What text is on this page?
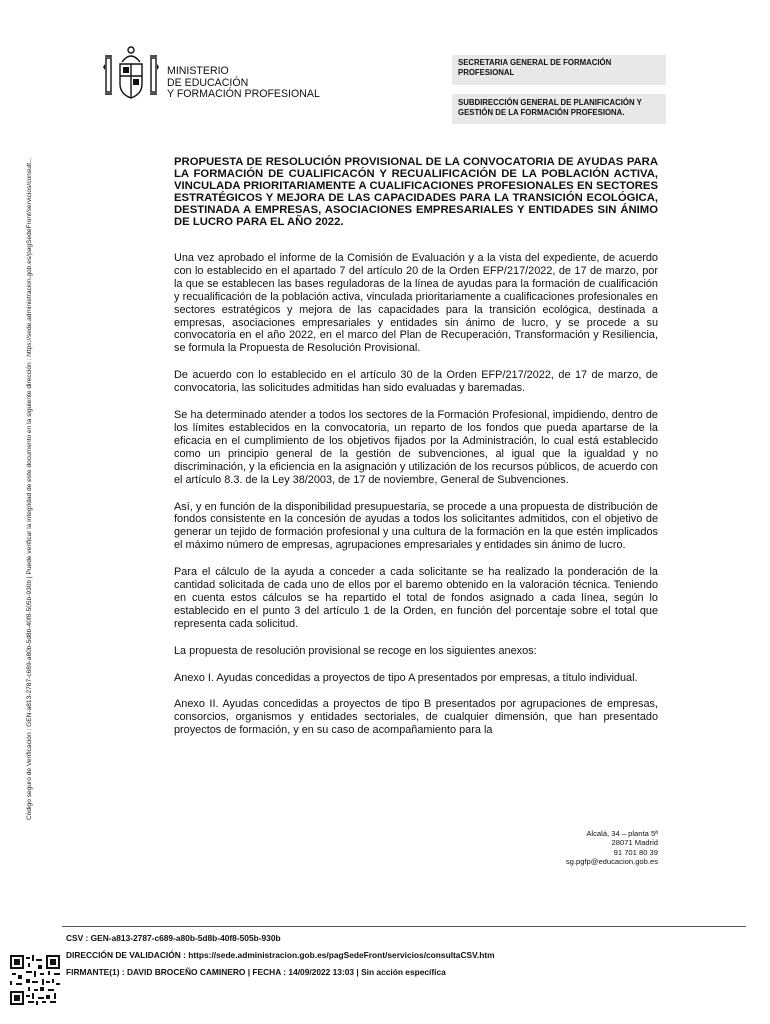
Código seguro de Verificación : GEN-a813-2787-c689-a80b-5d8b-40f8-505b-930b | Puede verificar la integridad de este documento en la siguiente dirección : https://sede.administracion.gob.es/pagSedeFront/servicios/consult...
MINISTERIO
DE EDUCACIÓN
Y FORMACIÓN PROFESIONAL
SECRETARIA GENERAL DE FORMACIÓN PROFESIONAL
SUBDIRECCIÓN GENERAL DE PLANIFICACIÓN Y GESTIÓN DE LA FORMACIÓN PROFESIONA.
PROPUESTA DE RESOLUCIÓN PROVISIONAL DE LA CONVOCATORIA DE AYUDAS PARA LA FORMACIÓN DE CUALIFICACÓN Y RECUALIFICACIÓN DE LA POBLACIÓN ACTIVA, VINCULADA PRIORITARIAMENTE A CUALIFICACIONES PROFESIONALES EN SECTORES ESTRATÉGICOS Y MEJORA DE LAS CAPACIDADES PARA LA TRANSICIÓN ECOLÓGICA, DESTINADA A EMPRESAS, ASOCIACIONES EMPRESARIALES Y ENTIDADES SIN ÁNIMO DE LUCRO PARA EL AÑO 2022.

Una vez aprobado el informe de la Comisión de Evaluación y a la vista del expediente, de acuerdo con lo establecido en el apartado 7 del artículo 20 de la Orden EFP/217/2022, de 17 de marzo, por la que se establecen las bases reguladoras de la línea de ayudas para la formación de cualificación y recualificación de la población activa, vinculada prioritariamente a cualificaciones profesionales en sectores estratégicos y mejora de las capacidades para la transición ecológica, destinada a empresas, asociaciones empresariales y entidades sin ánimo de lucro, y se procede a su convocatoria en el año 2022, en el marco del Plan de Recuperación, Transformación y Resiliencia, se formula la Propuesta de Resolución Provisional.

De acuerdo con lo establecido en el artículo 30 de la Orden EFP/217/2022, de 17 de marzo, de convocatoria, las solicitudes admitidas han sido evaluadas y baremadas.

Se ha determinado atender a todos los sectores de la Formación Profesional, impidiendo, dentro de los límites establecidos en la convocatoria, un reparto de los fondos que pueda apartarse de la eficacia en el cumplimiento de los objetivos fijados por la Administración, lo cual está establecido como un principio general de la gestión de subvenciones, al igual que la igualdad y no discriminación, y la eficiencia en la asignación y utilización de los recursos públicos, de acuerdo con el artículo 8.3. de la Ley 38/2003, de 17 de noviembre, General de Subvenciones.

Así, y en función de la disponibilidad presupuestaria, se procede a una propuesta de distribución de fondos consistente en la concesión de ayudas a todos los solicitantes admitidos, con el objetivo de generar un tejido de formación profesional y una cultura de la formación en la que estén implicados el máximo número de empresas, agrupaciones empresariales y entidades sin ánimo de lucro.

Para el cálculo de la ayuda a conceder a cada solicitante se ha realizado la ponderación de la cantidad solicitada de cada uno de ellos por el baremo obtenido en la valoración técnica. Teniendo en cuenta estos cálculos se ha repartido el total de fondos asignado a cada línea, según lo establecido en el punto 3 del artículo 1 de la Orden, en función del porcentaje sobre el total que representa cada solicitud.

La propuesta de resolución provisional se recoge en los siguientes anexos:

Anexo I. Ayudas concedidas a proyectos de tipo A presentados por empresas, a título individual.

Anexo II. Ayudas concedidas a proyectos de tipo B presentados por agrupaciones de empresas, consorcios, organismos y entidades sectoriales, de cualquier dimensión, que han presentado proyectos de formación, y en su caso de acompañamiento para la

Alcalá, 34 – planta 5ª
28071 Madrid
91 701 80 39
sg.pgfp@educacion.gob.es
CSV : GEN-a813-2787-c689-a80b-5d8b-40f8-505b-930b
DIRECCIÓN DE VALIDACIÓN : https://sede.administracion.gob.es/pagSedeFront/servicios/consultaCSV.htm
FIRMANTE(1) : DAVID BROCEÑO CAMINERO | FECHA : 14/09/2022 13:03 | Sin acción específica
